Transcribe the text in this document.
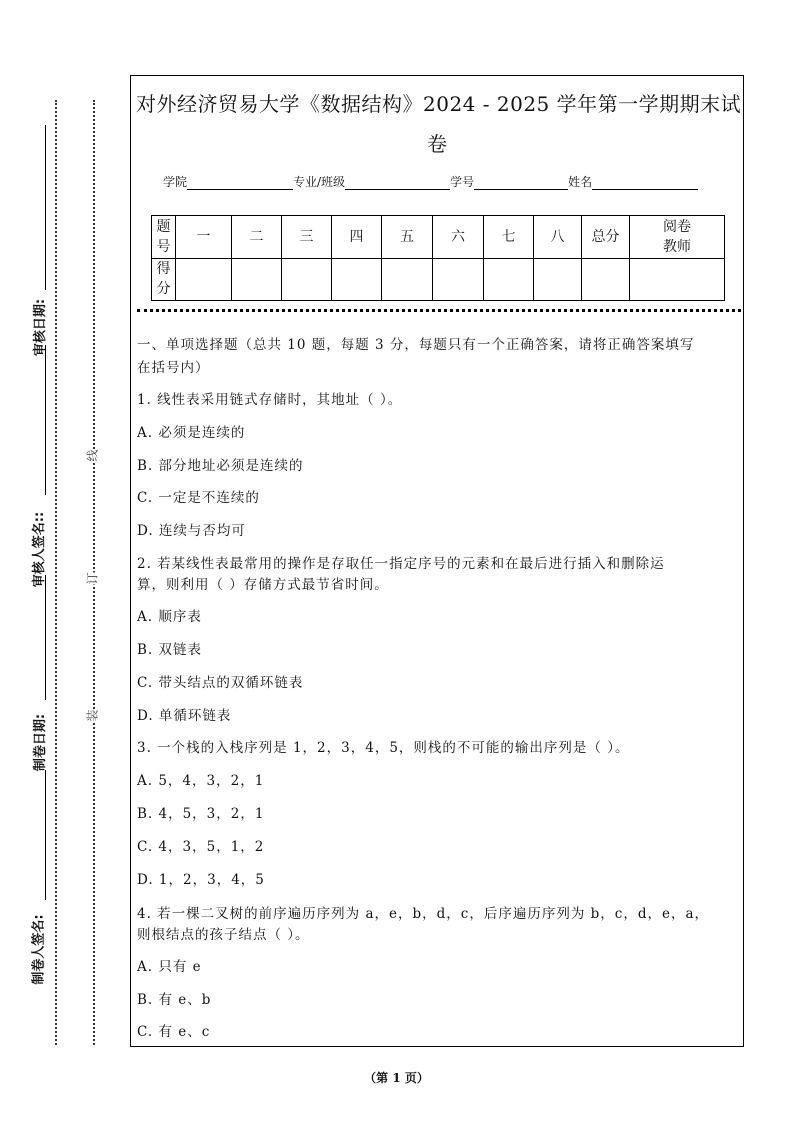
线
订
装
审核日期:
审核人签名::
制卷日期:
制卷人签名:
对外经济贸易大学《数据结构》2024 - 2025 学年第一学期期末试
卷
学院	专业/班级	学号	姓名
题号	一	二	三	四	五	六	七	八	总分	阅卷教师

得分										

一、单项选择题（总共 10 题，每题 3 分，每题只有一个正确答案，请将正确答案填写
在括号内）
1. 线性表采用链式存储时，其地址（ ）。
A. 必须是连续的
B. 部分地址必须是连续的
C. 一定是不连续的
D. 连续与否均可
2. 若某线性表最常用的操作是存取任一指定序号的元素和在最后进行插入和删除运
算，则利用（ ）存储方式最节省时间。
A. 顺序表
B. 双链表
C. 带头结点的双循环链表
D. 单循环链表
3. 一个栈的入栈序列是 1，2，3，4，5，则栈的不可能的输出序列是（ ）。
A. 5，4，3，2，1
B. 4，5，3，2，1
C. 4，3，5，1，2
D. 1，2，3，4，5
4. 若一棵二叉树的前序遍历序列为 a，e，b，d，c，后序遍历序列为 b，c，d，e，a，
则根结点的孩子结点（ ）。
A. 只有 e
B. 有 e、b
C. 有 e、c
（第 1 页）
